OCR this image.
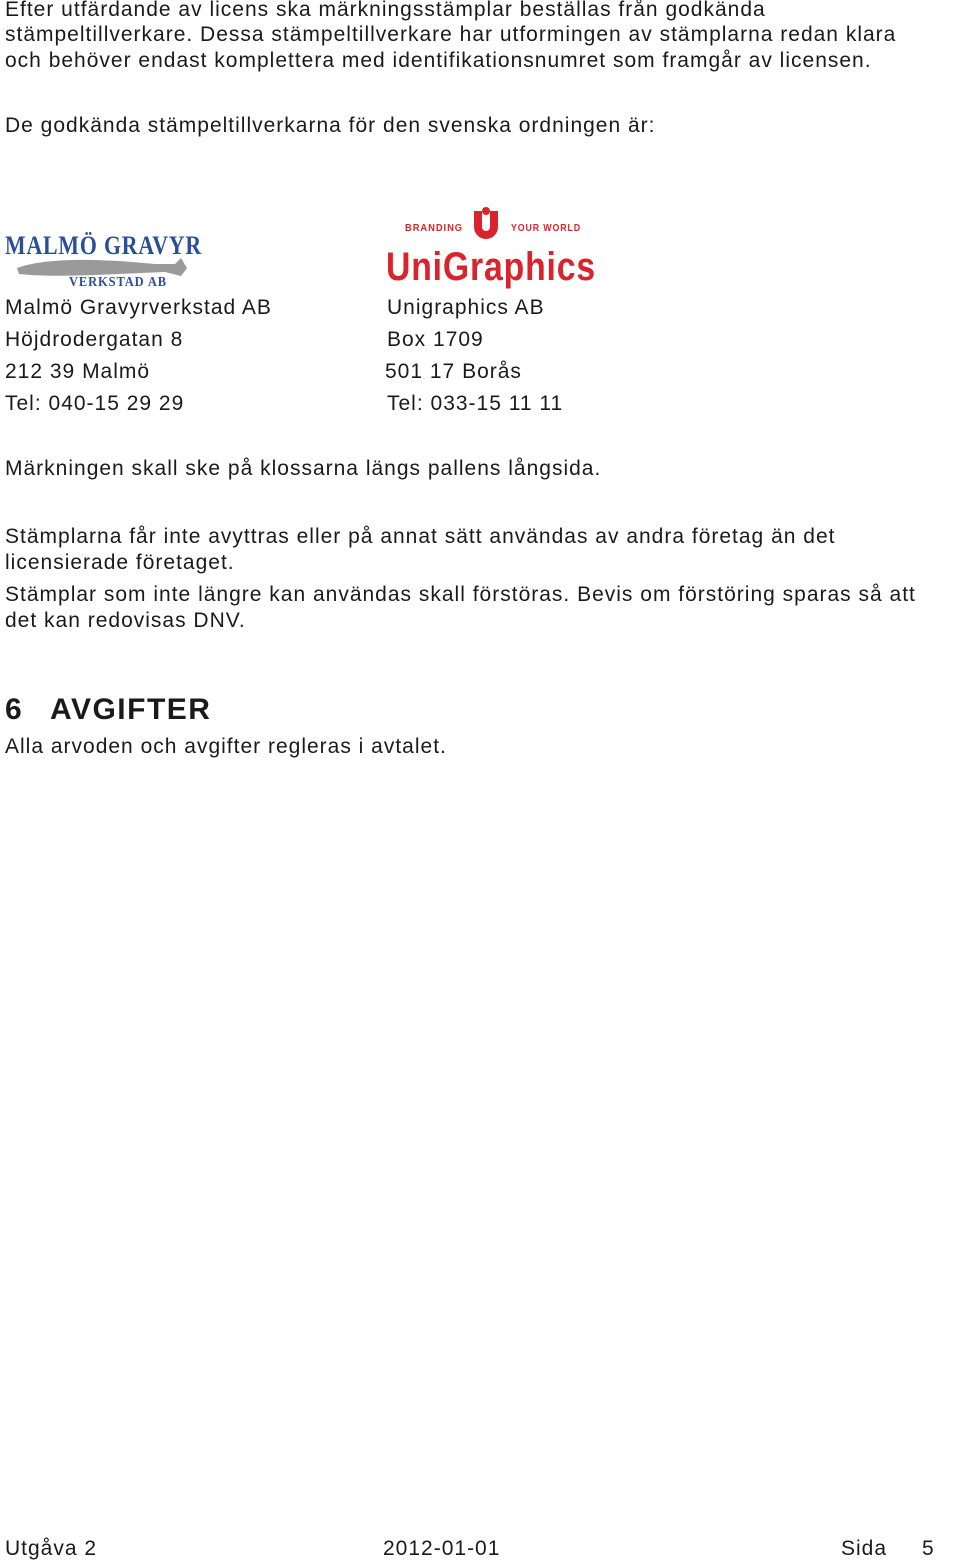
Efter utfärdande av licens ska märkningsstämplar beställas från godkända
stämpeltillverkare. Dessa stämpeltillverkare har utformingen av stämplarna redan klara
och behöver endast komplettera med identifikationsnumret som framgår av licensen.
De godkända stämpeltillverkarna för den svenska ordningen är:
MALMÖ GRAVYR
VERKSTAD AB
BRANDING	YOUR WORLD
UniGraphics
Malmö Gravyrverkstad AB	Unigraphics AB
Höjdrodergatan 8	Box 1709
212 39 Malmö	501 17 Borås
Tel: 040-15 29 29	Tel: 033-15 11 11
Märkningen skall ske på klossarna längs pallens långsida.
Stämplarna får inte avyttras eller på annat sätt användas av andra företag än det
licensierade företaget.
Stämplar som inte längre kan användas skall förstöras. Bevis om förstöring sparas så att
det kan redovisas DNV.
6 AVGIFTER
Alla arvoden och avgifter regleras i avtalet.
Utgåva 2	2012-01-01	Sida 5
